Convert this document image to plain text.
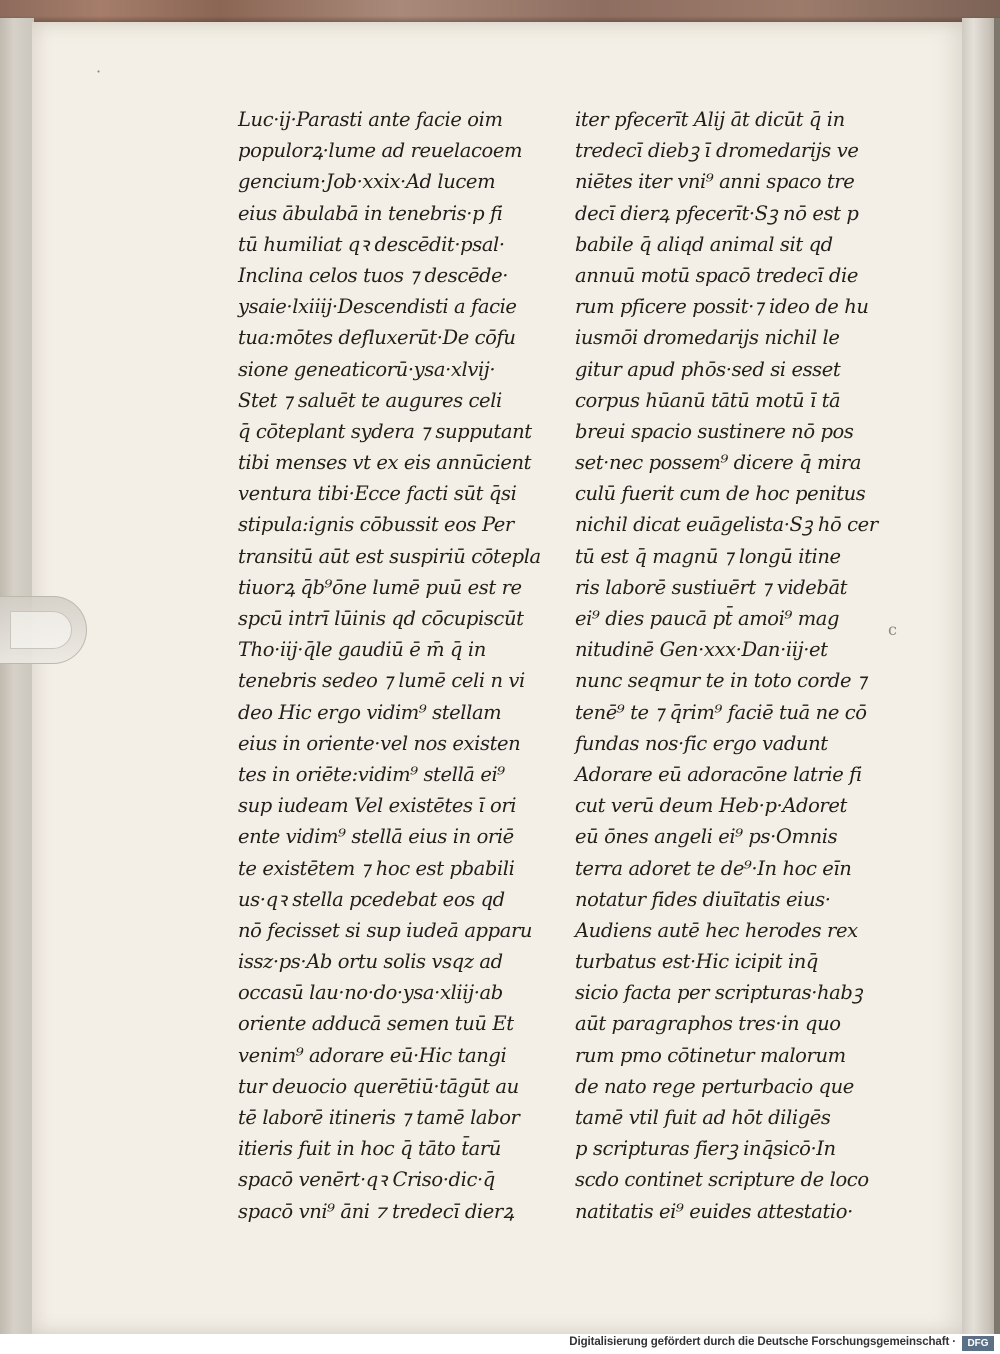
·
c
Luc·ij·Parasti ante facie oim
populorꝝ·lume ad reuelacoem
gencium·Job·xxix·Ad lucem
eius ābulabā in tenebris·p fi
tū humiliat qꝛ descēdit·psal·
Inclina celos tuos ⁊ descēde·
ysaie·lxiiij·Descendisti a facie
tua:mōtes defluxerūt·De cōfu
sione geneaticorū·ysa·xlvij·
Stet ⁊ saluēt te augures celi
q̄ cōteplant sydera ⁊ supputant
tibi menses vt ex eis annūcient
ventura tibi·Ecce facti sūt q̄si
stipula:ignis cōbussit eos Per
transitū aūt est suspiriū cōtepla
tiuorꝝ q̄b⁹ōne lumē puū est re
spcū intrī lūinis qd cōcupiscūt
Tho·iij·q̄le gaudiū ē m̄ q̄ in
tenebris sedeo ⁊ lumē celi n vi
deo Hic ergo vidim⁹ stellam
eius in oriente·vel nos existen
tes in oriēte:vidim⁹ stellā ei⁹
sup iudeam Vel existētes ī ori
ente vidim⁹ stellā eius in oriē
te existētem ⁊ hoc est pbabili
us·qꝛ stella pcedebat eos qd
nō fecisset si sup iudeā apparu
issz·ps·Ab ortu solis vsqz ad
occasū lau·no·do·ysa·xliij·ab
oriente adducā semen tuū Et
venim⁹ adorare eū·Hic tangi
tur deuocio querētiū·tāgūt au
tē laborē itineris ⁊ tamē labor
itieris fuit in hoc q̄ tāto t̄arū
spacō venērt·qꝛ Criso·dic·q̄
spacō vni⁹ āni ⁊ tredecī dierꝝ
iter pfecerīt Alij āt dicūt q̄ in
tredecī diebꝫ ī dromedarijs ve
niētes iter vni⁹ anni spaco tre
decī dierꝝ pfecerīt·Sꝫ nō est p
babile q̄ aliqd animal sit qd
annuū motū spacō tredecī die
rum pficere possit·⁊ ideo de hu
iusmōi dromedarijs nichil le
gitur apud phōs·sed si esset
corpus hūanū tātū motū ī tā
breui spacio sustinere nō pos
set·nec possem⁹ dicere q̄ mira
culū fuerit cum de hoc penitus
nichil dicat euāgelista·Sꝫ hō cer
tū est q̄ magnū ⁊ longū itine
ris laborē sustiuērt ⁊ videbāt
ei⁹ dies paucā pt̄ amoi⁹ mag
nitudinē Gen·xxx·Dan·iij·et
nunc seqmur te in toto corde ⁊
tenē⁹ te ⁊ q̄rim⁹ faciē tuā ne cō
fundas nos·fic ergo vadunt
Adorare eū adoracōne latrie fi
cut verū deum Heb·p·Adoret
eū ōnes angeli ei⁹ ps·Omnis
terra adoret te de⁹·In hoc eīn
notatur fides diuītatis eius·
Audiens autē hec herodes rex
turbatus est·Hic icipit inq̄
sicio facta per scripturas·habꝫ
aūt paragraphos tres·in quo
rum pmo cōtinetur malorum
de nato rege perturbacio que
tamē vtil fuit ad hōt diligēs
p scripturas fierꝫ inq̄sicō·In
scdo continet scripture de loco
natitatis ei⁹ euides attestatio·
Digitalisierung gefördert durch die Deutsche Forschungsgemeinschaft ·	DFG
